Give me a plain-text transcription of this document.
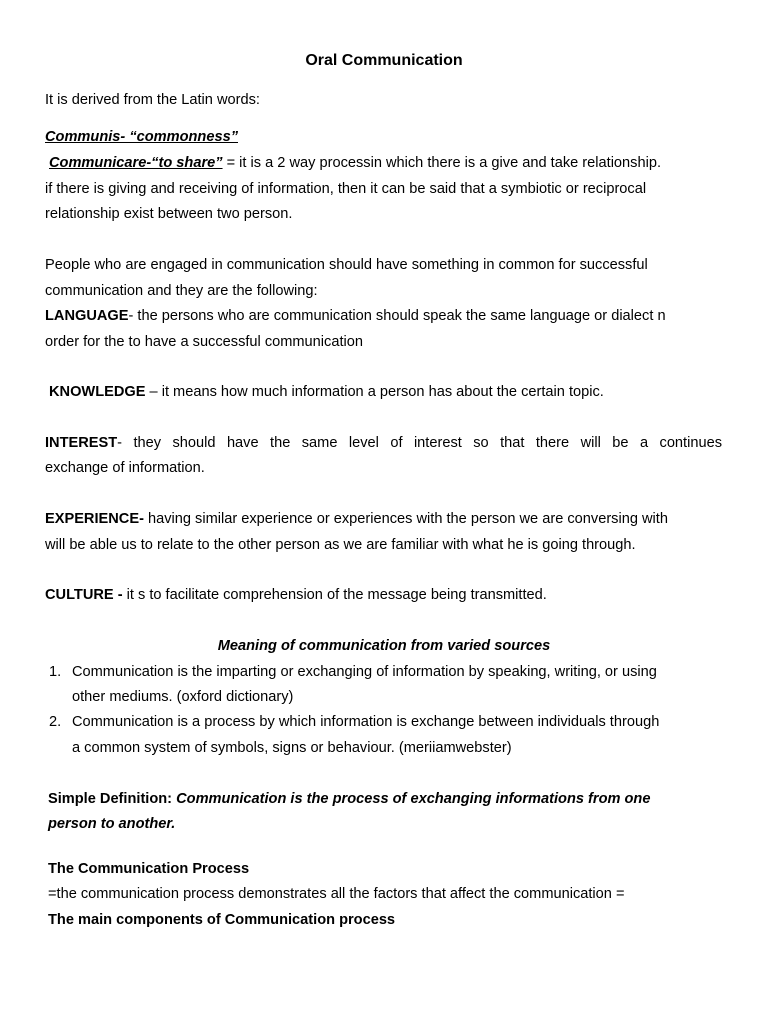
Oral Communication
It is derived from the Latin words:
Communis- “commonness”
Communicare-“to share” = it is a 2 way processin which there is a give and take relationship.
if there is giving and receiving of information, then it can be said that a symbiotic or reciprocal
relationship exist between two person.
People who are engaged in communication should have something in common for successful
communication and they are the following:
LANGUAGE- the persons who are communication should speak the same language or dialect n
order for the to have a successful communication
KNOWLEDGE – it means how much information a person has about the certain topic.
INTEREST- they should have the same level of interest so that there will be a continues
exchange of information.
EXPERIENCE- having similar experience or experiences with the person we are conversing with
will be able us to relate to the other person as we are familiar with what he is going through.
CULTURE - it s to facilitate comprehension of the message being transmitted.
Meaning of communication from varied sources
1. Communication is the imparting or exchanging of information by speaking, writing, or using
other mediums. (oxford dictionary)
2. Communication is a process by which information is exchange between individuals through
a common system of symbols, signs or behaviour. (meriiamwebster)
Simple Definition: Communication is the process of exchanging informations from one
person to another.
The Communication Process
=the communication process demonstrates all the factors that affect the communication =
The main components of Communication process
